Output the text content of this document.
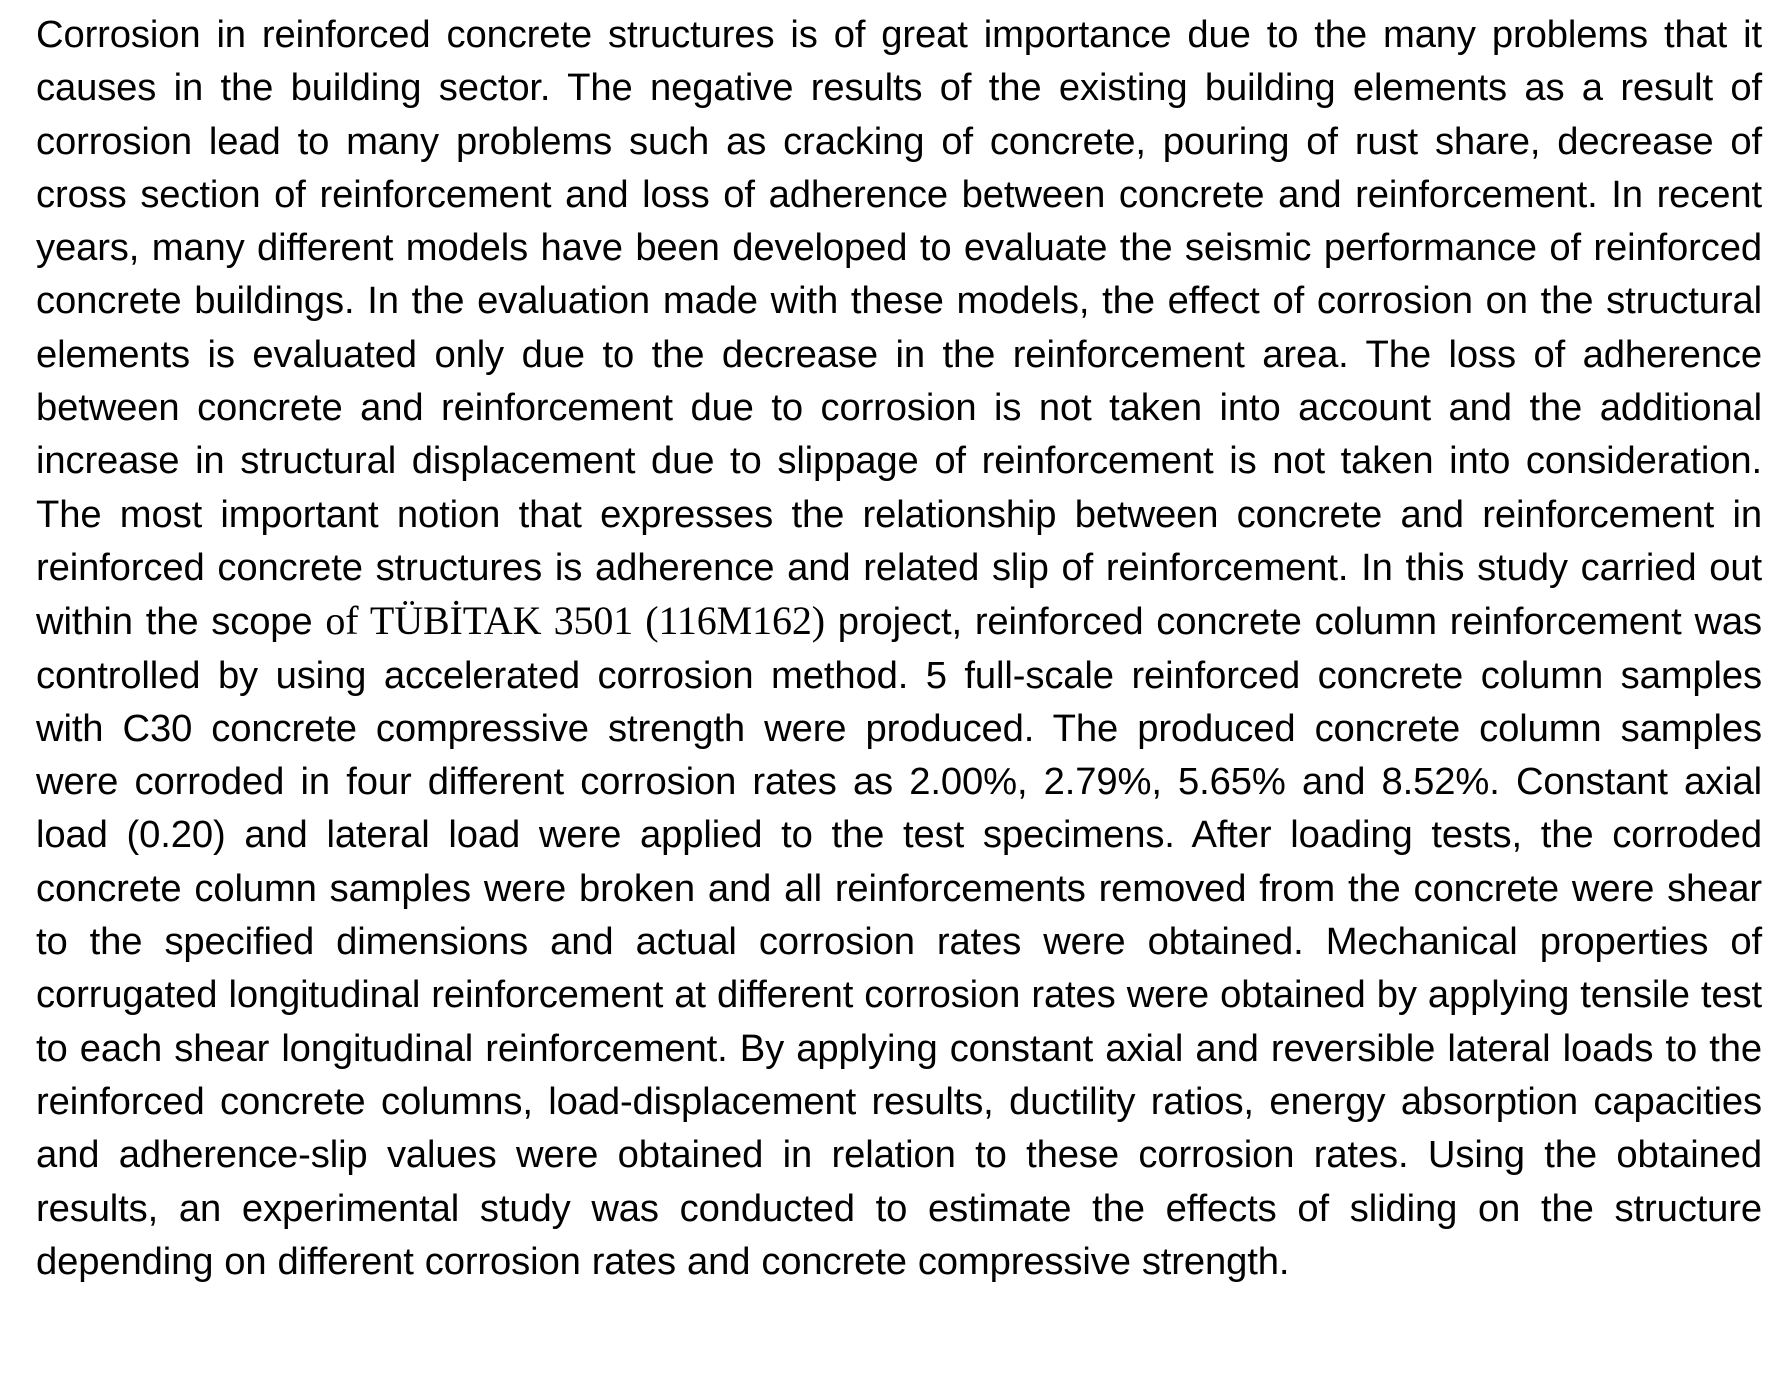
Corrosion in reinforced concrete structures is of great importance due to the many problems that it causes in the building sector. The negative results of the existing building elements as a result of corrosion lead to many problems such as cracking of concrete, pouring of rust share, decrease of cross section of reinforcement and loss of adherence between concrete and reinforcement. In recent years, many different models have been developed to evaluate the seismic performance of reinforced concrete buildings. In the evaluation made with these models, the effect of corrosion on the structural elements is evaluated only due to the decrease in the reinforcement area. The loss of adherence between concrete and reinforcement due to corrosion is not taken into account and the additional increase in structural displacement due to slippage of reinforcement is not taken into consideration. The most important notion that expresses the relationship between concrete and reinforcement in reinforced concrete structures is adherence and related slip of reinforcement. In this study carried out within the scope of TÜBİTAK 3501 (116M162) project, reinforced concrete column reinforcement was controlled by using accelerated corrosion method. 5 full-scale reinforced concrete column samples with C30 concrete compressive strength were produced. The produced concrete column samples were corroded in four different corrosion rates as 2.00%, 2.79%, 5.65% and 8.52%. Constant axial load (0.20) and lateral load were applied to the test specimens. After loading tests, the corroded concrete column samples were broken and all reinforcements removed from the concrete were shear to the specified dimensions and actual corrosion rates were obtained. Mechanical properties of corrugated longitudinal reinforcement at different corrosion rates were obtained by applying tensile test to each shear longitudinal reinforcement. By applying constant axial and reversible lateral loads to the reinforced concrete columns, load-displacement results, ductility ratios, energy absorption capacities and adherence-slip values were obtained in relation to these corrosion rates. Using the obtained results, an experimental study was conducted to estimate the effects of sliding on the structure depending on different corrosion rates and concrete compressive strength.
